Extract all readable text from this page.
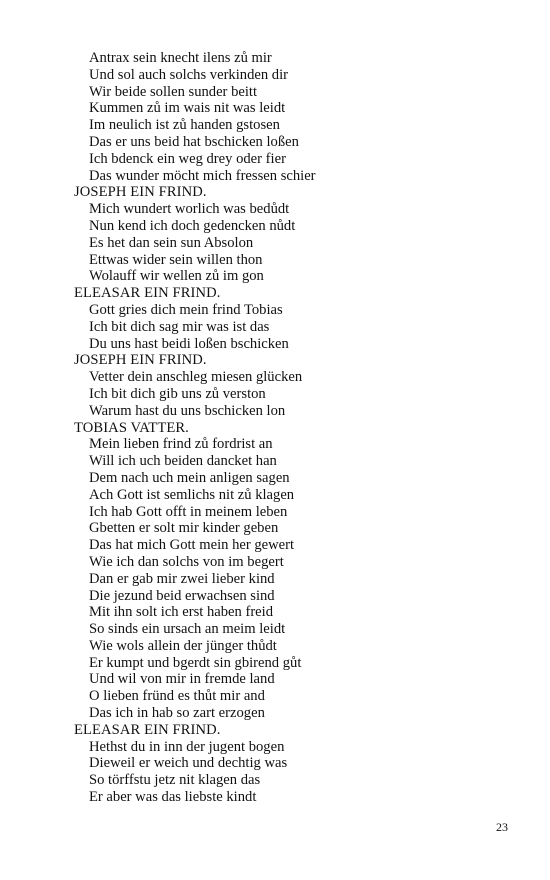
Antrax sein knecht ilens zů mir
Und sol auch solchs verkinden dir
Wir beide sollen sunder beitt
Kummen zů im wais nit was leidt
Im neulich ist zů handen gstosen
Das er uns beid hat bschicken loßen
Ich bdenck ein weg drey oder fier
Das wunder möcht mich fressen schier
JOSEPH EIN FRIND.
Mich wundert worlich was bedůdt
Nun kend ich doch gedencken nůdt
Es het dan sein sun Absolon
Ettwas wider sein willen thon
Wolauff wir wellen zů im gon
ELEASAR EIN FRIND.
Gott gries dich mein frind Tobias
Ich bit dich sag mir was ist das
Du uns hast beidi loßen bschicken
JOSEPH EIN FRIND.
Vetter dein anschleg miesen glücken
Ich bit dich gib uns zů verston
Warum hast du uns bschicken lon
TOBIAS VATTER.
Mein lieben frind zů fordrist an
Will ich uch beiden dancket han
Dem nach uch mein anligen sagen
Ach Gott ist semlichs nit zů klagen
Ich hab Gott offt in meinem leben
Gbetten er solt mir kinder geben
Das hat mich Gott mein her gewert
Wie ich dan solchs von im begert
Dan er gab mir zwei lieber kind
Die jezund beid erwachsen sind
Mit ihn solt ich erst haben freid
So sinds ein ursach an meim leidt
Wie wols allein der jünger thůdt
Er kumpt und bgerdt sin gbirend gůt
Und wil von mir in fremde land
O lieben fründ es thůt mir and
Das ich in hab so zart erzogen
ELEASAR EIN FRIND.
Hethst du in inn der jugent bogen
Dieweil er weich und dechtig was
So törffstu jetz nit klagen das
Er aber was das liebste kindt
23
